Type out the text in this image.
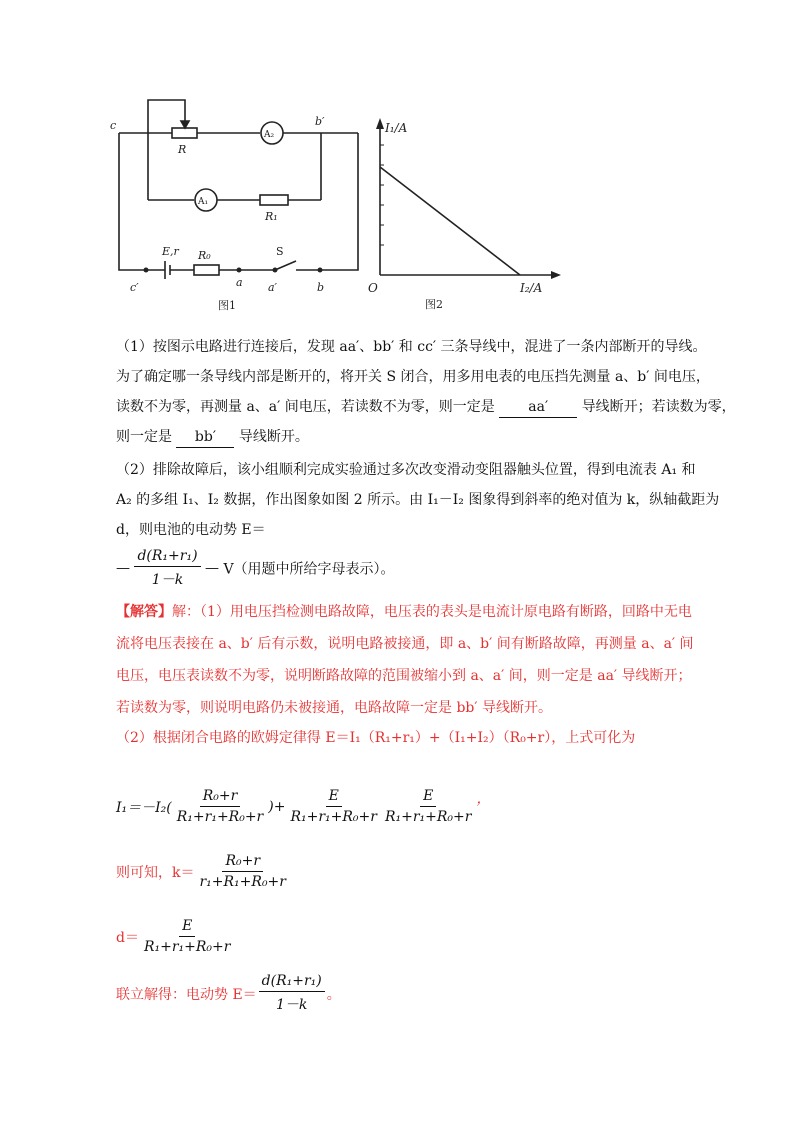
c
R
A₂
b′
A₁
R₁
E,r R₀	S
c′	a a′	b
图1
I₁/A
I₂/A
O
图2
（1）按图示电路进行连接后，发现 aa′、bb′ 和 cc′ 三条导线中，混进了一条内部断开的导线。
为了确定哪一条导线内部是断开的，将开关 S 闭合，用多用电表的电压挡先测量 a、b′ 间电压，
读数不为零，再测量 a、a′ 间电压，若读数不为零，则一定是 aa′ 导线断开；若读数为零，
则一定是 bb′ 导线断开。
（2）排除故障后，该小组顺利完成实验通过多次改变滑动变阻器触头位置，得到电流表 A₁ 和
A₂ 的多组 I₁、I₂ 数据，作出图象如图 2 所示。由 I₁－I₂ 图象得到斜率的绝对值为 k，纵轴截距为
d，则电池的电动势 E＝
— $\frac{\text{d(R₁+r₁)}}{1-k}$ — V（用题中所给字母表示）。
【解答】解：（1）用电压挡检测电路故障，电压表的表头是电流计原电路有断路，回路中无电
流将电压表接在 a、b′ 后有示数，说明电路被接通，即 a、b′ 间有断路故障，再测量 a、a′ 间
电压，电压表读数不为零，说明断路故障的范围被缩小到 a、a′ 间，则一定是 aa′ 导线断开；
若读数为零，则说明电路仍未被接通，电路故障一定是 bb′ 导线断开。
（2）根据闭合电路的欧姆定律得 E＝I₁（R₁+r₁）+（I₁+I₂）（R₀+r），上式可化为
$I_1=-I_2( \frac{\text{R₀+r}}{\text{R₁+r₁+R₀+r}}$ )+ $\frac{E}{\text{R₁+r₁+R₀+r}} \frac{E}{\text{R₁+r₁+R₀+r}}$ ，
则可知，$k= \frac{\text{R₀+r}}{\text{r₁+R₁+R₀+r}}$
$d= \frac{E}{\text{R₁+r₁+R₀+r}}$
联立解得：电动势 $E= \frac{\text{d(R₁+r₁)}}{1-k}$ 。
